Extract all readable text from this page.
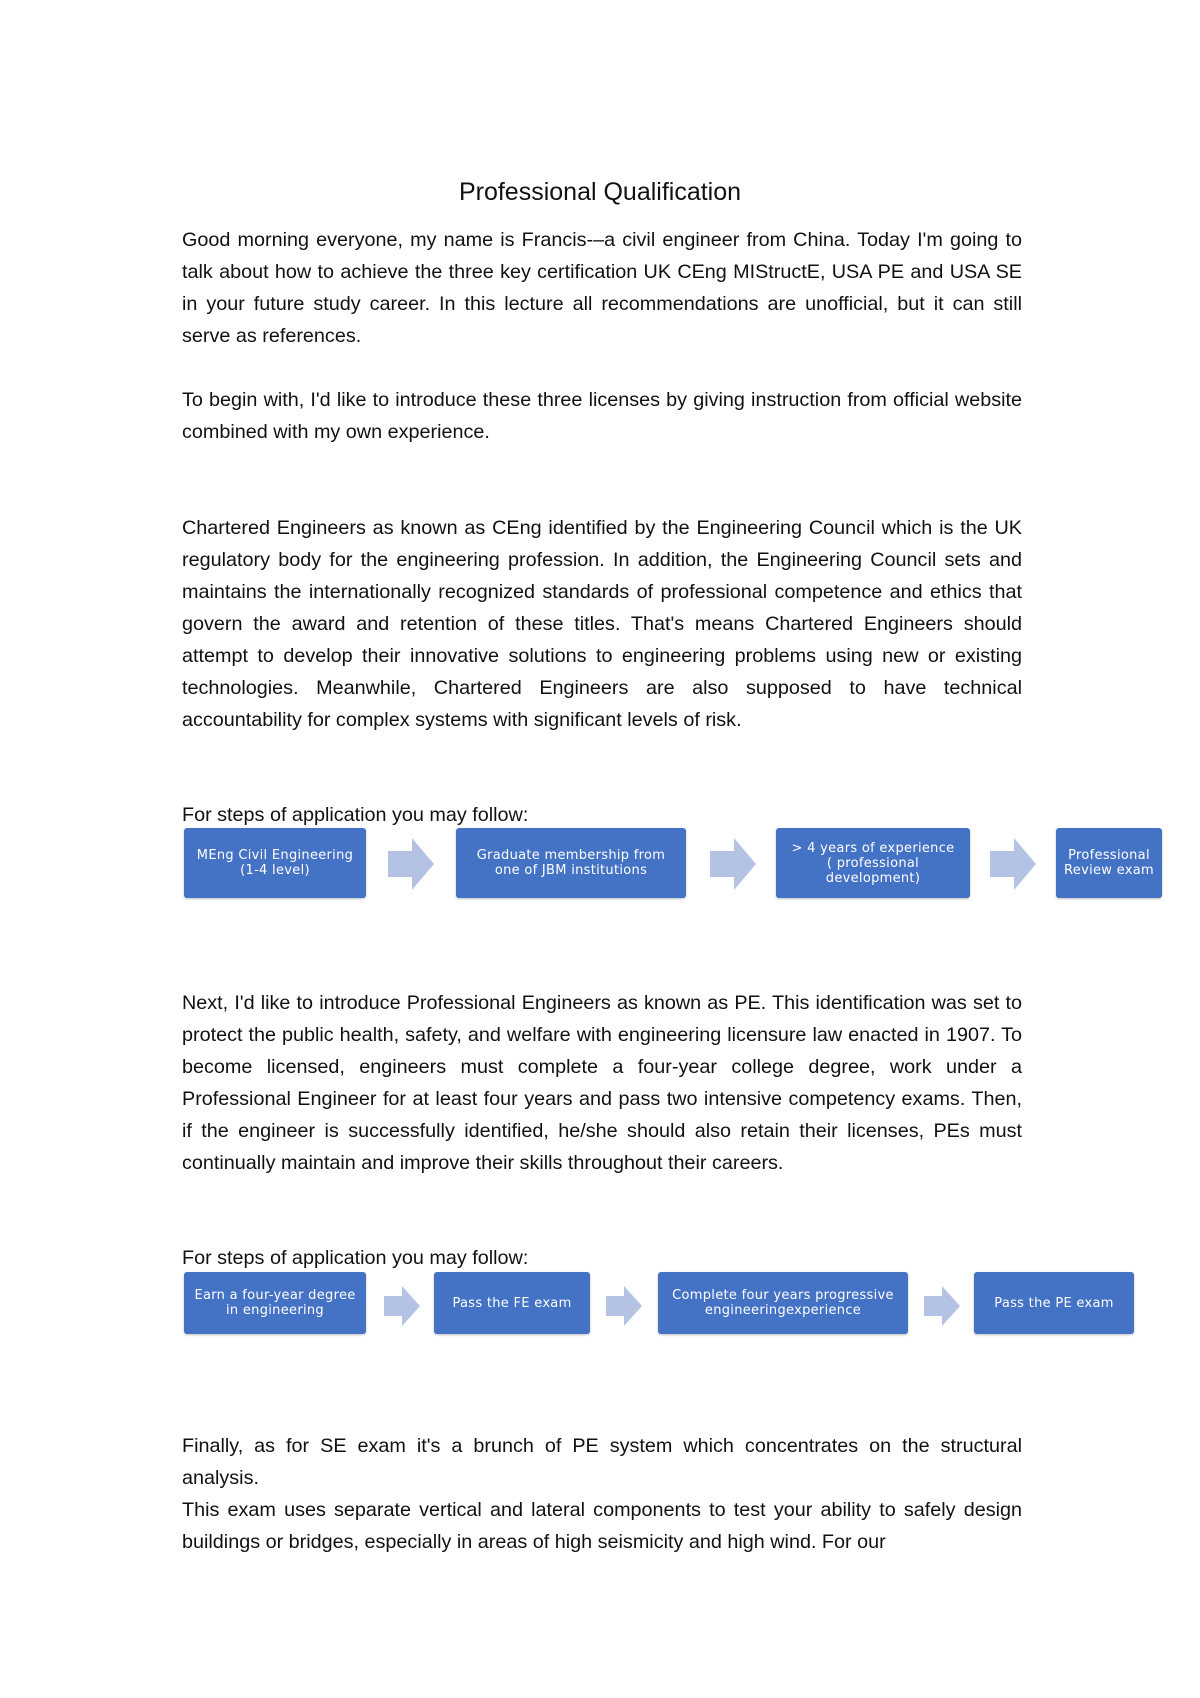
Professional Qualification

Good morning everyone, my name is Francis-–a civil engineer from China. Today I'm going to talk about how to achieve the three key certification UK CEng MIStructE, USA PE and USA SE in your future study career. In this lecture all recommendations are unofficial, but it can still serve as references.

To begin with, I'd like to introduce these three licenses by giving instruction from official website combined with my own experience.

Chartered Engineers as known as CEng identified by the Engineering Council which is the UK regulatory body for the engineering profession. In addition, the Engineering Council sets and maintains the internationally recognized standards of professional competence and ethics that govern the award and retention of these titles. That's means Chartered Engineers should attempt to develop their innovative solutions to engineering problems using new or existing technologies. Meanwhile, Chartered Engineers are also supposed to have technical accountability for complex systems with significant levels of risk.

For steps of application you may follow:

MEng Civil Engineering
(1-4 level)
Graduate membership from
one of JBM institutions
> 4 years of experience
( professional
development)
Professional
Review exam

Next, I'd like to introduce Professional Engineers as known as PE. This identification was set to protect the public health, safety, and welfare with engineering licensure law enacted in 1907. To become licensed, engineers must complete a four-year college degree, work under a Professional Engineer for at least four years and pass two intensive competency exams. Then, if the engineer is successfully identified, he/she should also retain their licenses, PEs must continually maintain and improve their skills throughout their careers.

For steps of application you may follow:

Earn a four-year degree
in engineering	Pass the FE exam	Complete four years progressive
engineeringexperience	Pass the PE exam

Finally, as for SE exam it's a brunch of PE system which concentrates on the structural analysis.

This exam uses separate vertical and lateral components to test your ability to safely design buildings or bridges, especially in areas of high seismicity and high wind. For our
